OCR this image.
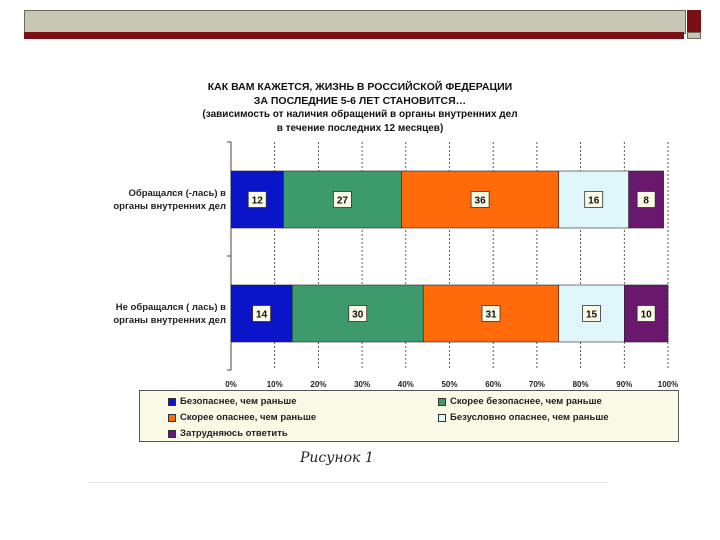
КАК ВАМ КАЖЕТСЯ, ЖИЗНЬ В РОССИЙСКОЙ ФЕДЕРАЦИИ
ЗА ПОСЛЕДНИЕ 5-6 ЛЕТ СТАНОВИТСЯ…
(зависимость от наличия обращений в органы внутренних дел
в течение последних 12 месяцев)
Обращался (-лась) в
органы внутренних дел
Не обращался ( лась) в
органы внутренних дел
0%	10%	20%	30%	40%	50%	60%	70%	80%	90%	100%
12	27	36	16	8
14	30	31	15	10
Безопаснее, чем раньше	Скорее безопаснее, чем раньше
Скорее опаснее, чем раньше	Безусловно опаснее, чем раньше
Затрудняюсь ответить
Рисунок 1
